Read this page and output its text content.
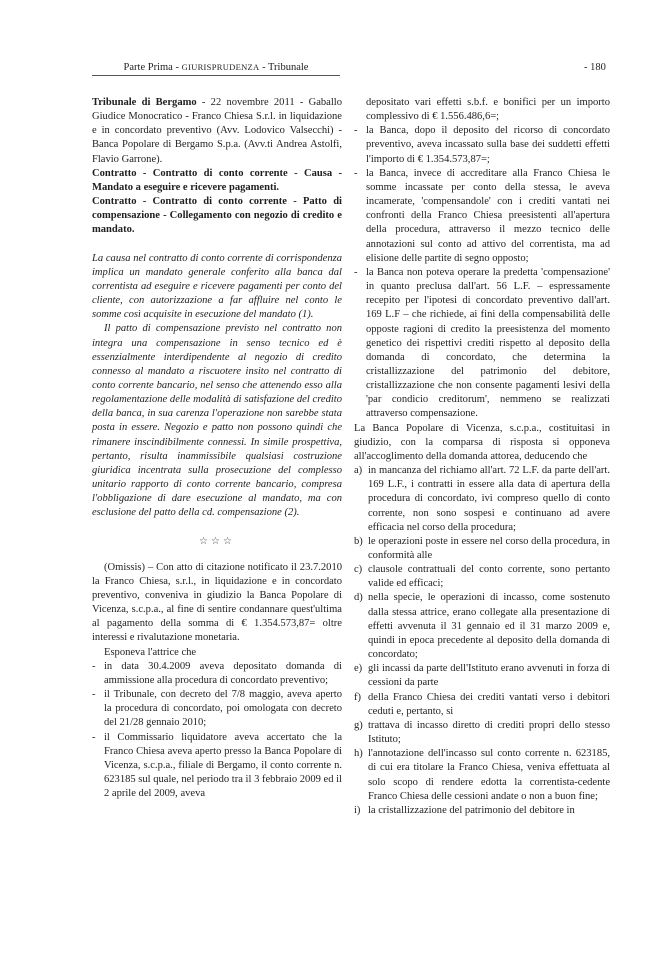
Parte Prima - GIURISPRUDENZA - Tribunale	- 180

Tribunale di Bergamo - 22 novembre 2011 - Gaballo Giudice Monocratico - Franco Chiesa S.r.l. in liquidazione e in concordato preventivo (Avv. Lodovico Valsecchi) - Banca Popolare di Bergamo S.p.a. (Avv.ti Andrea Astolfi, Flavio Garrone).

Contratto - Contratto di conto corrente - Causa - Mandato a eseguire e ricevere pagamenti.

Contratto - Contratto di conto corrente - Patto di compensazione - Collegamento con negozio di credito e mandato.

La causa nel contratto di conto corrente di corrispondenza implica un mandato generale conferito alla banca dal correntista ad eseguire e ricevere pagamenti per conto del cliente, con autorizzazione a far affluire nel conto le somme così acquisite in esecuzione del mandato (1).

Il patto di compensazione previsto nel contratto non integra una compensazione in senso tecnico ed è essenzialmente interdipendente al negozio di credito connesso al mandato a riscuotere insito nel contratto di conto corrente bancario, nel senso che attenendo esso alla regolamentazione delle modalità di satisfazione del credito della banca, in sua carenza l'operazione non sarebbe stata posta in essere. Negozio e patto non possono quindi che rimanere inscindibilmente connessi. In simile prospettiva, pertanto, risulta inammissibile qualsiasi costruzione giuridica incentrata sulla prosecuzione del complesso unitario rapporto di conto corrente bancario, compresa l'obbligazione di dare esecuzione al mandato, ma con esclusione del patto della cd. compensazione (2).

☆☆☆

(Omissis) – Con atto di citazione notificato il 23.7.2010 la Franco Chiesa, s.r.l., in liquidazione e in concordato preventivo, conveniva in giudizio la Banca Popolare di Vicenza, s.c.p.a., al fine di sentire condannare quest'ultima al pagamento della somma di € 1.354.573,87= oltre interessi e rivalutazione monetaria.

Esponeva l'attrice che

- in data 30.4.2009 aveva depositato domanda di ammissione alla procedura di concordato preventivo;
- il Tribunale, con decreto del 7/8 maggio, aveva aperto la procedura di concordato, poi omologata con decreto del 21/28 gennaio 2010;
- il Commissario liquidatore aveva accertato che la Franco Chiesa aveva aperto presso la Banca Popolare di Vicenza, s.c.p.a., filiale di Bergamo, il conto corrente n. 623185 sul quale, nel periodo tra il 3 febbraio 2009 ed il 2 aprile del 2009, aveva

depositato vari effetti s.b.f. e bonifici per un importo complessivo di € 1.556.486,6=;

- la Banca, dopo il deposito del ricorso di concordato preventivo, aveva incassato sulla base dei suddetti effetti l'importo di € 1.354.573,87=;
- la Banca, invece di accreditare alla Franco Chiesa le somme incassate per conto della stessa, le aveva incamerate, 'compensandole' con i crediti vantati nei confronti della Franco Chiesa preesistenti all'apertura della procedura, attraverso il mezzo tecnico delle annotazioni sul conto ad attivo del correntista, ma ad elisione delle partite di segno opposto;
- la Banca non poteva operare la predetta 'compensazione' in quanto preclusa dall'art. 56 L.F. – espressamente recepito per l'ipotesi di concordato preventivo dall'art. 169 L.F – che richiede, ai fini della compensabilità delle opposte ragioni di credito la preesistenza del momento genetico dei rispettivi crediti rispetto al deposito della domanda di concordato, che determina la cristallizzazione del patrimonio del debitore, cristallizzazione che non consente pagamenti lesivi della 'par condicio creditorum', nemmeno se realizzati attraverso compensazione.

La Banca Popolare di Vicenza, s.c.p.a., costituitasi in giudizio, con la comparsa di risposta si opponeva all'accoglimento della domanda attorea, deducendo che

a) in mancanza del richiamo all'art. 72 L.F. da parte dell'art. 169 L.F., i contratti in essere alla data di apertura della procedura di concordato, ivi compreso quello di conto corrente, non sono sospesi e continuano ad avere efficacia nel corso della procedura;
b) le operazioni poste in essere nel corso della procedura, in conformità alle
c) clausole contrattuali del conto corrente, sono pertanto valide ed efficaci;
d) nella specie, le operazioni di incasso, come sostenuto dalla stessa attrice, erano collegate alla presentazione di effetti avvenuta il 31 gennaio ed il 31 marzo 2009 e, quindi in epoca precedente al deposito della domanda di concordato;
e) gli incassi da parte dell'Istituto erano avvenuti in forza di cessioni da parte
f) della Franco Chiesa dei crediti vantati verso i debitori ceduti e, pertanto, si
g) trattava di incasso diretto di crediti propri dello stesso Istituto;
h) l'annotazione dell'incasso sul conto corrente n. 623185, di cui era titolare la Franco Chiesa, veniva effettuata al solo scopo di rendere edotta la correntista-cedente Franco Chiesa delle cessioni andate o non a buon fine;
i) la cristallizzazione del patrimonio del debitore in
